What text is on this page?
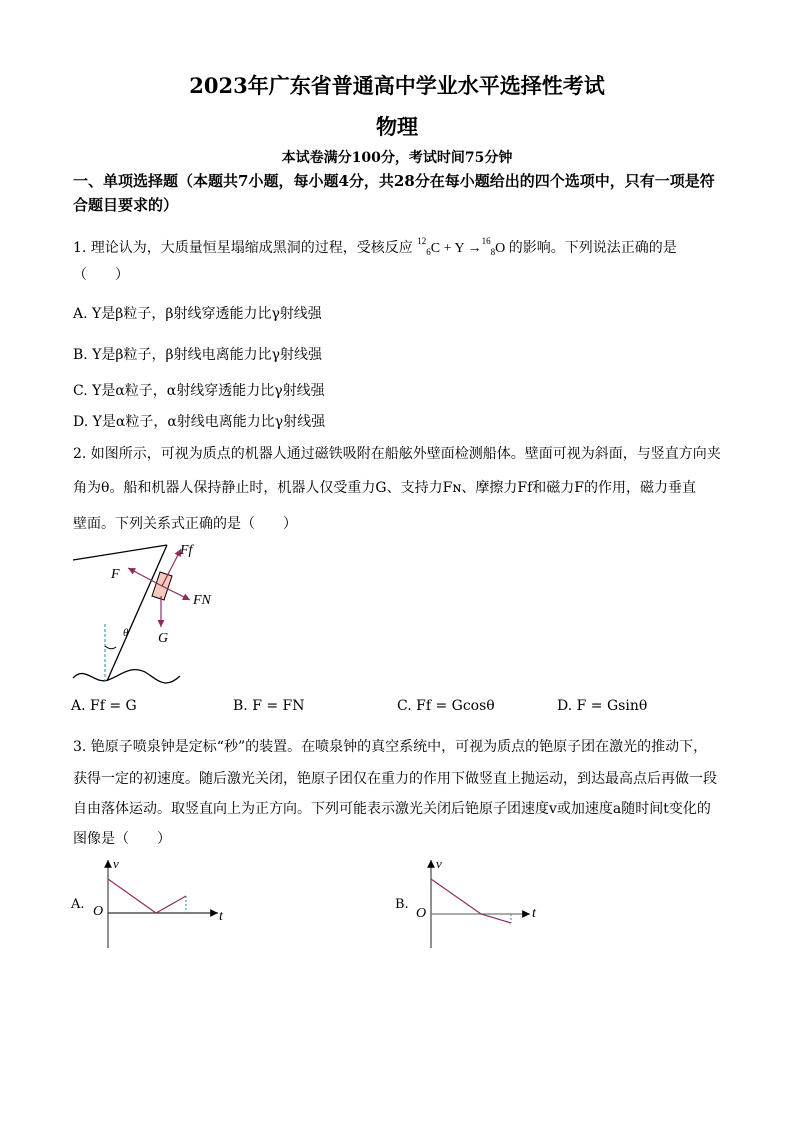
2023年广东省普通高中学业水平选择性考试
物理
本试卷满分100分，考试时间75分钟
一、单项选择题（本题共7小题，每小题4分，共28分在每小题给出的四个选项中，只有一项是符合题目要求的）
1. 理论认为，大质量恒星塌缩成黑洞的过程，受核反应 $^{12}_6$C + Y →$^{16}_8$O 的影响。下列说法正确的是
（　　）
A. Y是β粒子，β射线穿透能力比γ射线强
B. Y是β粒子，β射线电离能力比γ射线强
C. Y是α粒子，α射线穿透能力比γ射线强
D. Y是α粒子，α射线电离能力比γ射线强
2. 如图所示，可视为质点的机器人通过磁铁吸附在船舷外壁面检测船体。壁面可视为斜面，与竖直方向夹
角为θ。船和机器人保持静止时，机器人仅受重力G、支持力Fɴ、摩擦力Ff和磁力F的作用，磁力垂直
壁面。下列关系式正确的是（　　）
Ff
F
FN
G
θ
A. Ff = G	B. F = FN	C. Ff = Gcosθ	D. F = Gsinθ
3. 铯原子喷泉钟是定标“秒”的装置。在喷泉钟的真空系统中，可视为质点的铯原子团在激光的推动下，
获得一定的初速度。随后激光关闭，铯原子团仅在重力的作用下做竖直上抛运动，到达最高点后再做一段
自由落体运动。取竖直向上为正方向。下列可能表示激光关闭后铯原子团速度v或加速度a随时间t变化的
图像是（　　）
A.
v
O	t
B.
v
O	t
